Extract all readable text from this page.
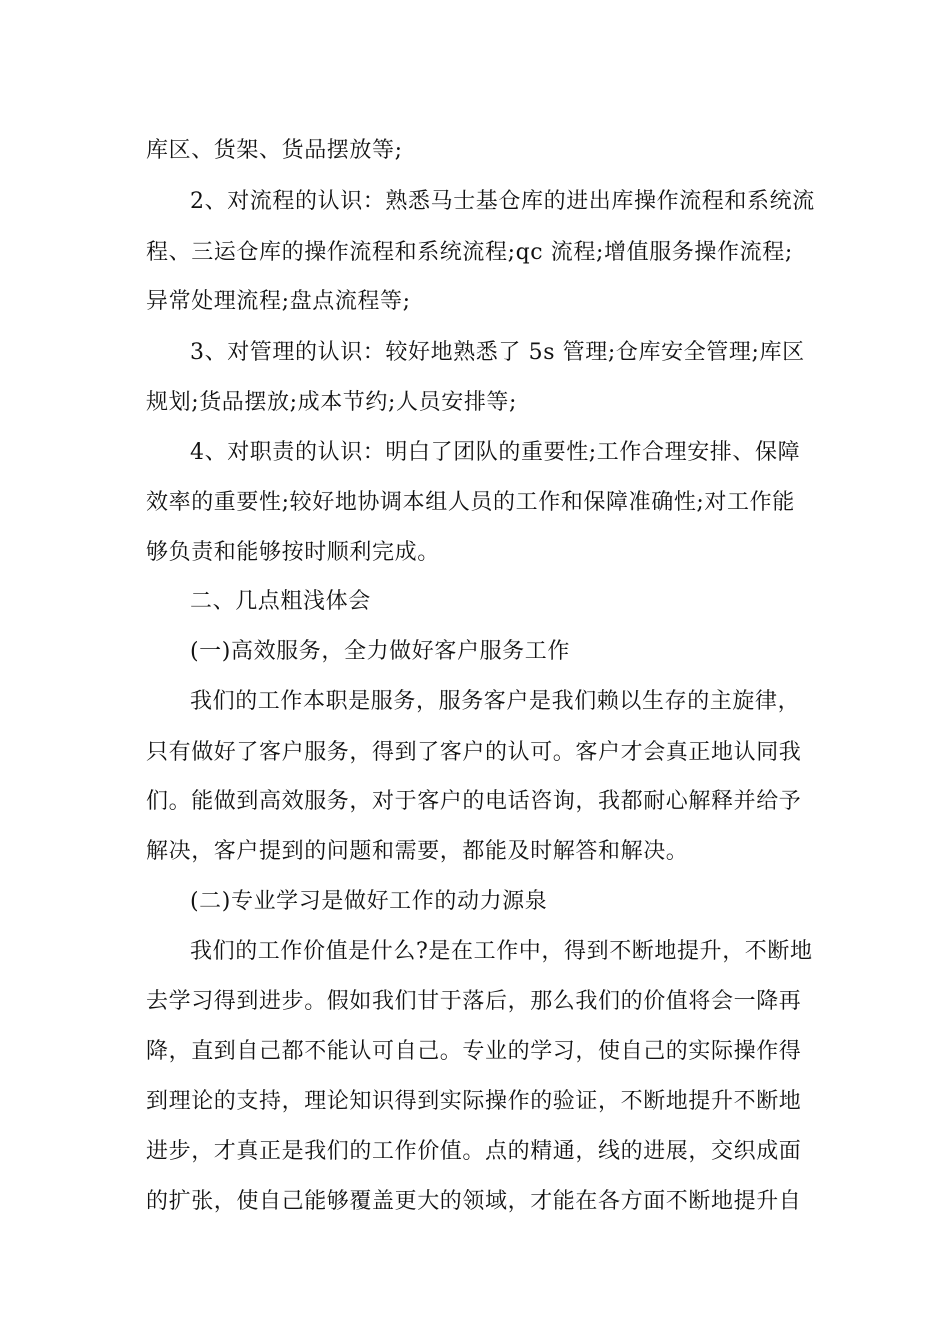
库区、货架、货品摆放等;
2、对流程的认识：熟悉马士基仓库的进出库操作流程和系统流
程、三运仓库的操作流程和系统流程;qc 流程;增值服务操作流程;
异常处理流程;盘点流程等;
3、对管理的认识：较好地熟悉了 5s 管理;仓库安全管理;库区
规划;货品摆放;成本节约;人员安排等;
4、对职责的认识：明白了团队的重要性;工作合理安排、保障
效率的重要性;较好地协调本组人员的工作和保障准确性;对工作能
够负责和能够按时顺利完成。
二、几点粗浅体会
(一)高效服务，全力做好客户服务工作
我们的工作本职是服务，服务客户是我们赖以生存的主旋律，
只有做好了客户服务，得到了客户的认可。客户才会真正地认同我
们。能做到高效服务，对于客户的电话咨询，我都耐心解释并给予
解决，客户提到的问题和需要，都能及时解答和解决。
(二)专业学习是做好工作的动力源泉
我们的工作价值是什么?是在工作中，得到不断地提升，不断地
去学习得到进步。假如我们甘于落后，那么我们的价值将会一降再
降，直到自己都不能认可自己。专业的学习，使自己的实际操作得
到理论的支持，理论知识得到实际操作的验证，不断地提升不断地
进步，才真正是我们的工作价值。点的精通，线的进展，交织成面
的扩张，使自己能够覆盖更大的领域，才能在各方面不断地提升自
